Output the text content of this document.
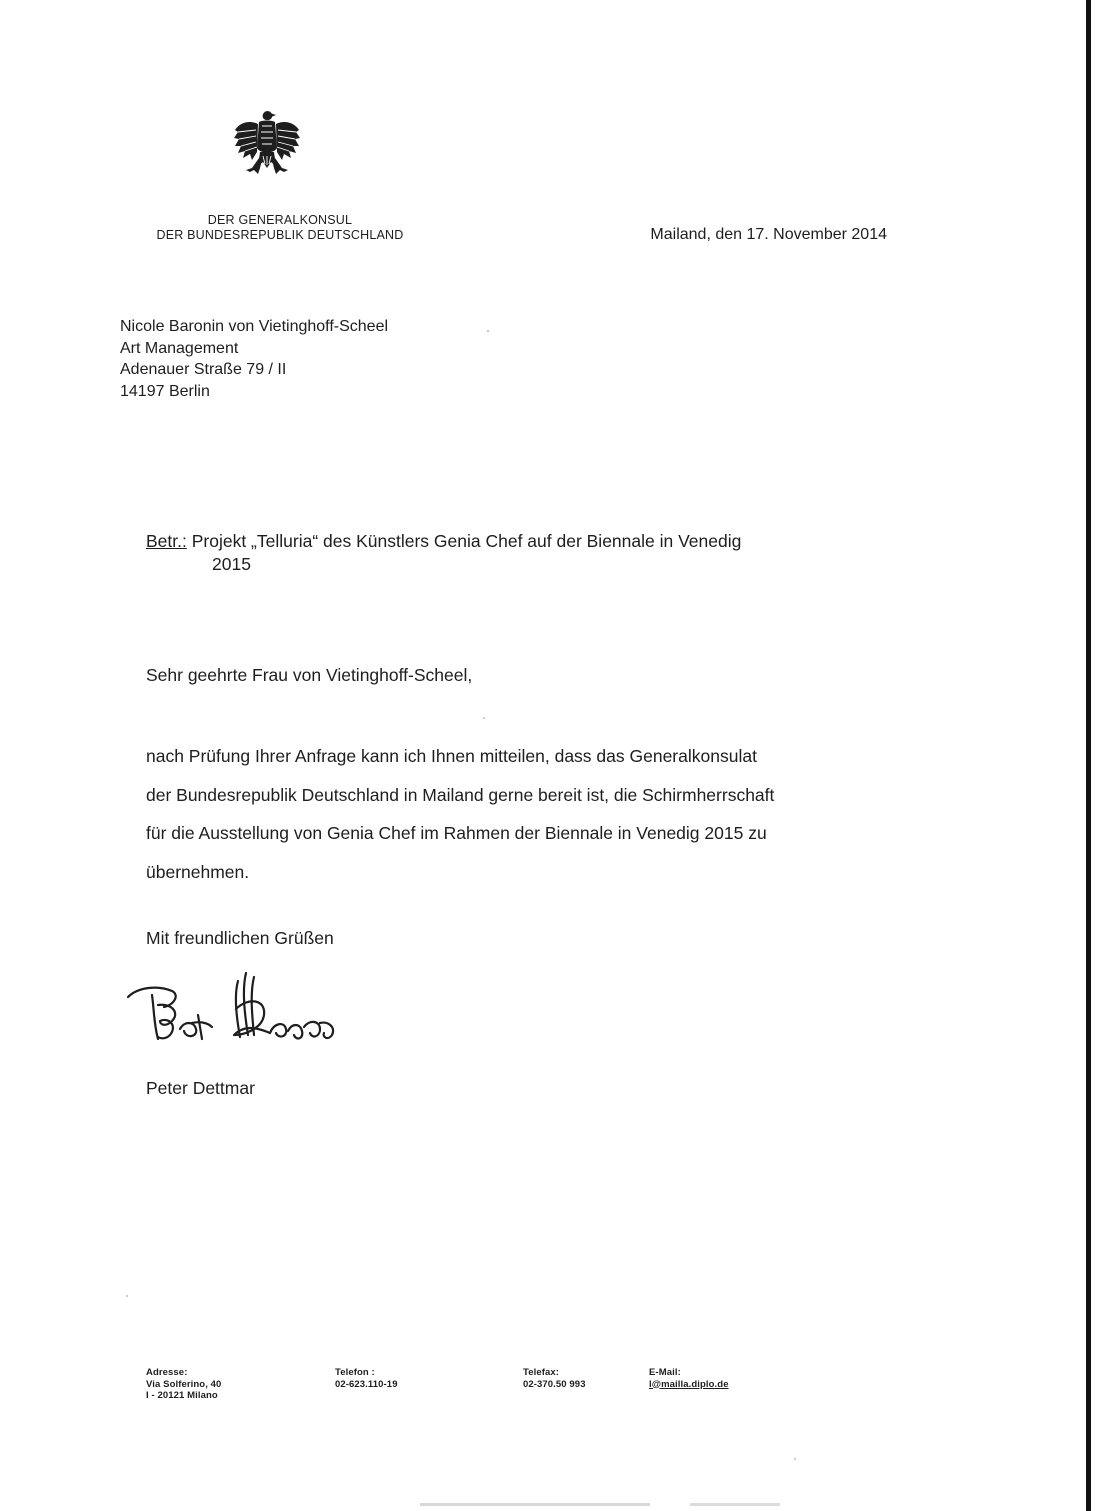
DER GENERALKONSUL
DER BUNDESREPUBLIK DEUTSCHLAND	Mailand, den 17. November 2014
Nicole Baronin von Vietinghoff-Scheel
Art Management
Adenauer Straße 79 / II
14197 Berlin
Betr.: Projekt „Telluria“ des Künstlers Genia Chef auf der Biennale in Venedig
2015
Sehr geehrte Frau von Vietinghoff-Scheel,
nach Prüfung Ihrer Anfrage kann ich Ihnen mitteilen, dass das Generalkonsulat
der Bundesrepublik Deutschland in Mailand gerne bereit ist, die Schirmherrschaft
für die Ausstellung von Genia Chef im Rahmen der Biennale in Venedig 2015 zu
übernehmen.
Mit freundlichen Grüßen
Peter Dettmar
Adresse:
Via Solferino, 40
I - 20121 Milano
Telefon :
02-623.110-19
Telefax:
02-370.50 993
E-Mail:
l@mailla.diplo.de
